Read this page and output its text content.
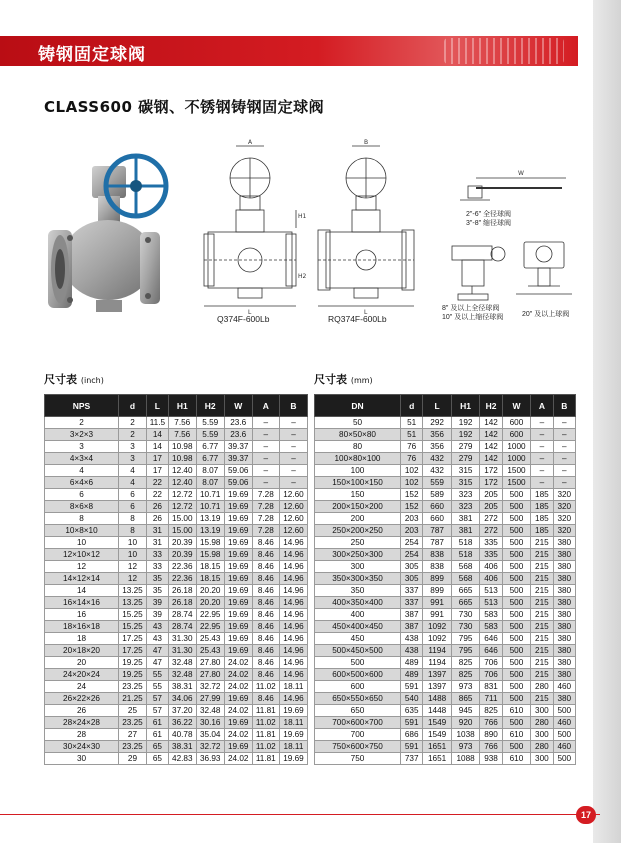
铸钢固定球阀
CLASS600 碳钢、不锈钢铸钢固定球阀
A
L
H1
H2
Q374F-600Lb
B
L
RQ374F-600Lb
W
2"-6" 全径球阀
3"-8" 缩径球阀
8" 及以上全径球阀
10" 及以上缩径球阀	20" 及以上球阀
尺寸表 (inch)	尺寸表 (mm)
NPS	d	L	H1	H2	W	A	B
2	2	11.5	7.56	5.59	23.6	–	–
3×2×3	2	14	7.56	5.59	23.6	–	–
3	3	14	10.98	6.77	39.37	–	–
4×3×4	3	17	10.98	6.77	39.37	–	–
4	4	17	12.40	8.07	59.06	–	–
6×4×6	4	22	12.40	8.07	59.06	–	–
6	6	22	12.72	10.71	19.69	7.28	12.60
8×6×8	6	26	12.72	10.71	19.69	7.28	12.60
8	8	26	15.00	13.19	19.69	7.28	12.60
10×8×10	8	31	15.00	13.19	19.69	7.28	12.60
10	10	31	20.39	15.98	19.69	8.46	14.96
12×10×12	10	33	20.39	15.98	19.69	8.46	14.96
12	12	33	22.36	18.15	19.69	8.46	14.96
14×12×14	12	35	22.36	18.15	19.69	8.46	14.96
14	13.25	35	26.18	20.20	19.69	8.46	14.96
16×14×16	13.25	39	26.18	20.20	19.69	8.46	14.96
16	15.25	39	28.74	22.95	19.69	8.46	14.96
18×16×18	15.25	43	28.74	22.95	19.69	8.46	14.96
18	17.25	43	31.30	25.43	19.69	8.46	14.96
20×18×20	17.25	47	31.30	25.43	19.69	8.46	14.96
20	19.25	47	32.48	27.80	24.02	8.46	14.96
24×20×24	19.25	55	32.48	27.80	24.02	8.46	14.96
24	23.25	55	38.31	32.72	24.02	11.02	18.11
26×22×26	21.25	57	34.06	27.99	19.69	8.46	14.96
26	25	57	37.20	32.48	24.02	11.81	19.69
28×24×28	23.25	61	36.22	30.16	19.69	11.02	18.11
28	27	61	40.78	35.04	24.02	11.81	19.69
30×24×30	23.25	65	38.31	32.72	19.69	11.02	18.11
30	29	65	42.83	36.93	24.02	11.81	19.69
DN	d	L	H1	H2	W	A	B
50	51	292	192	142	600	–	–
80×50×80	51	356	192	142	600	–	–
80	76	356	279	142	1000	–	–
100×80×100	76	432	279	142	1000	–	–
100	102	432	315	172	1500	–	–
150×100×150	102	559	315	172	1500	–	–
150	152	589	323	205	500	185	320
200×150×200	152	660	323	205	500	185	320
200	203	660	381	272	500	185	320
250×200×250	203	787	381	272	500	185	320
250	254	787	518	335	500	215	380
300×250×300	254	838	518	335	500	215	380
300	305	838	568	406	500	215	380
350×300×350	305	899	568	406	500	215	380
350	337	899	665	513	500	215	380
400×350×400	337	991	665	513	500	215	380
400	387	991	730	583	500	215	380
450×400×450	387	1092	730	583	500	215	380
450	438	1092	795	646	500	215	380
500×450×500	438	1194	795	646	500	215	380
500	489	1194	825	706	500	215	380
600×500×600	489	1397	825	706	500	215	380
600	591	1397	973	831	500	280	460
650×550×650	540	1488	865	711	500	215	380
650	635	1448	945	825	610	300	500
700×600×700	591	1549	920	766	500	280	460
700	686	1549	1038	890	610	300	500
750×600×750	591	1651	973	766	500	280	460
750	737	1651	1088	938	610	300	500
17
